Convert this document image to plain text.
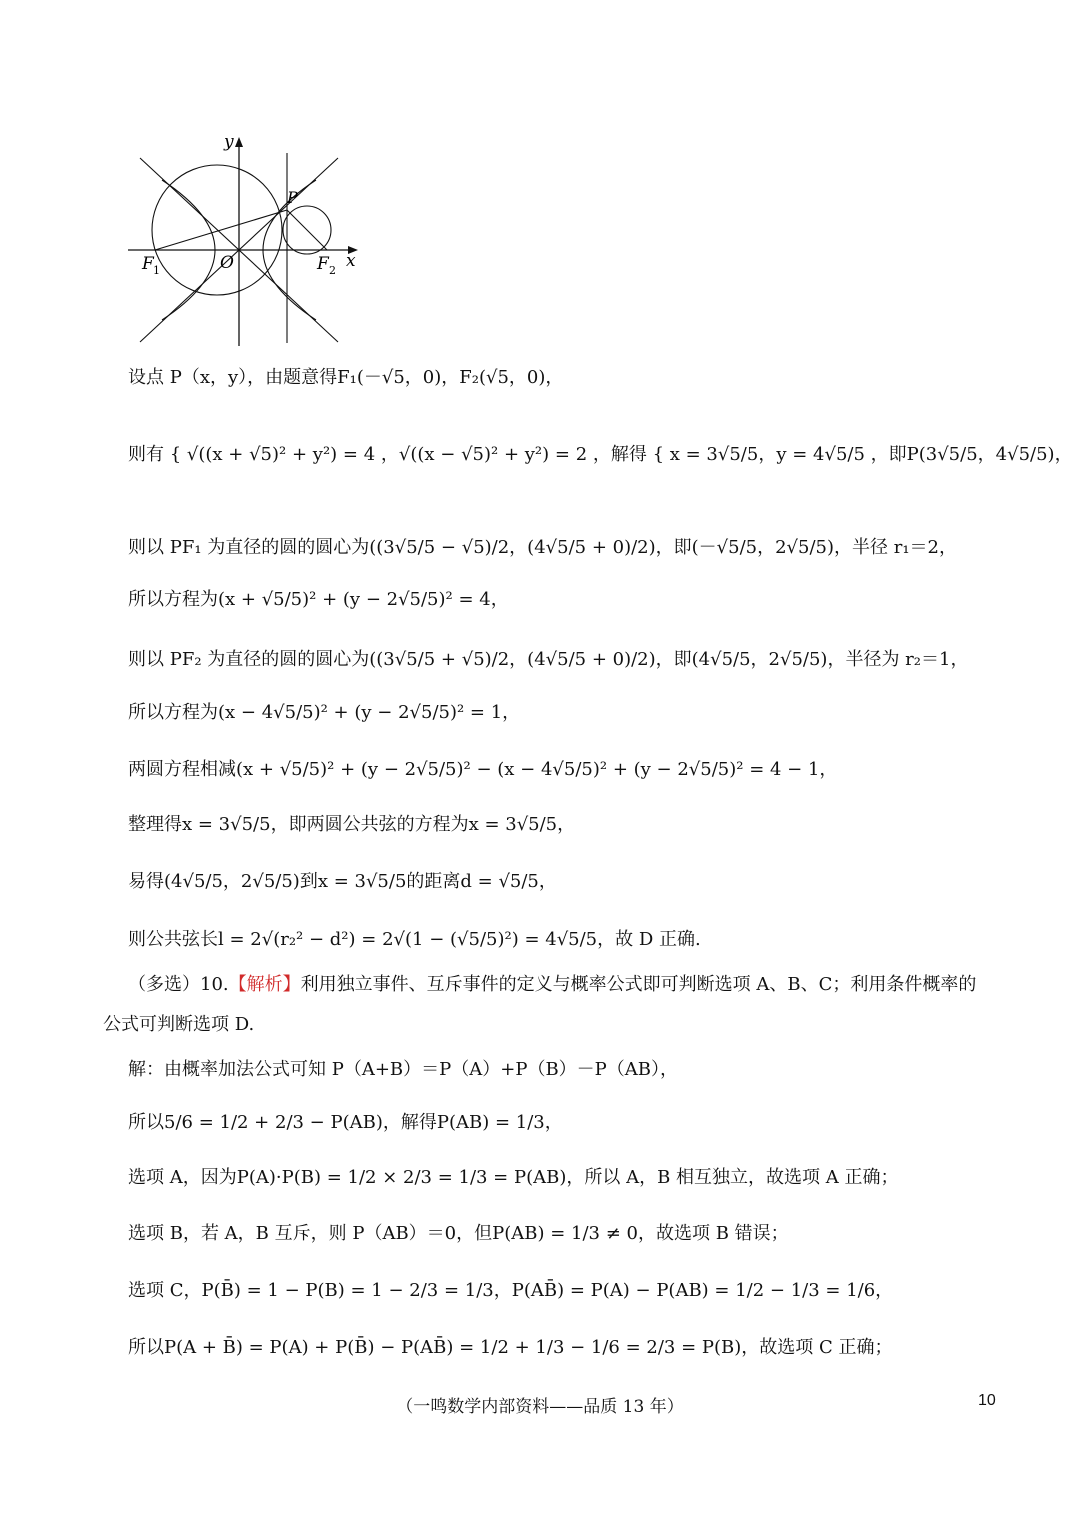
y
x
P
F 1	O	F 2
设点 P（x，y），由题意得F₁(－√5，0)，F₂(√5，0)，
则有 { √((x + √5)² + y²) = 4 ，√((x − √5)² + y²) = 2 ，解得 { x = 3√5/5，y = 4√5/5 ，即P(3√5/5，4√5/5)，
则以 PF₁ 为直径的圆的圆心为((3√5/5 − √5)/2，(4√5/5 + 0)/2)，即(－√5/5，2√5/5)，半径 r₁＝2，
所以方程为(x + √5/5)² + (y − 2√5/5)² = 4，
则以 PF₂ 为直径的圆的圆心为((3√5/5 + √5)/2，(4√5/5 + 0)/2)，即(4√5/5，2√5/5)，半径为 r₂＝1，
所以方程为(x − 4√5/5)² + (y − 2√5/5)² = 1，
两圆方程相减(x + √5/5)² + (y − 2√5/5)² − (x − 4√5/5)² + (y − 2√5/5)² = 4 − 1，
整理得x = 3√5/5，即两圆公共弦的方程为x = 3√5/5，
易得(4√5/5，2√5/5)到x = 3√5/5的距离d = √5/5，
则公共弦长l = 2√(r₂² − d²) = 2√(1 − (√5/5)²) = 4√5/5，故 D 正确.
（多选）10.【解析】利用独立事件、互斥事件的定义与概率公式即可判断选项 A、B、C；利用条件概率的公式可判断选项 D.
解：由概率加法公式可知 P（A+B）＝P（A）+P（B）－P（AB），
所以5/6 = 1/2 + 2/3 − P(AB)，解得P(AB) = 1/3，
选项 A，因为P(A)·P(B) = 1/2 × 2/3 = 1/3 = P(AB)，所以 A，B 相互独立，故选项 A 正确；
选项 B，若 A，B 互斥，则 P（AB）＝0，但P(AB) = 1/3 ≠ 0，故选项 B 错误；
选项 C，P(B̄) = 1 − P(B) = 1 − 2/3 = 1/3，P(AB̄) = P(A) − P(AB) = 1/2 − 1/3 = 1/6，
所以P(A + B̄) = P(A) + P(B̄) − P(AB̄) = 1/2 + 1/3 − 1/6 = 2/3 = P(B)，故选项 C 正确；
（一鸣数学内部资料——品质 13 年）	10
